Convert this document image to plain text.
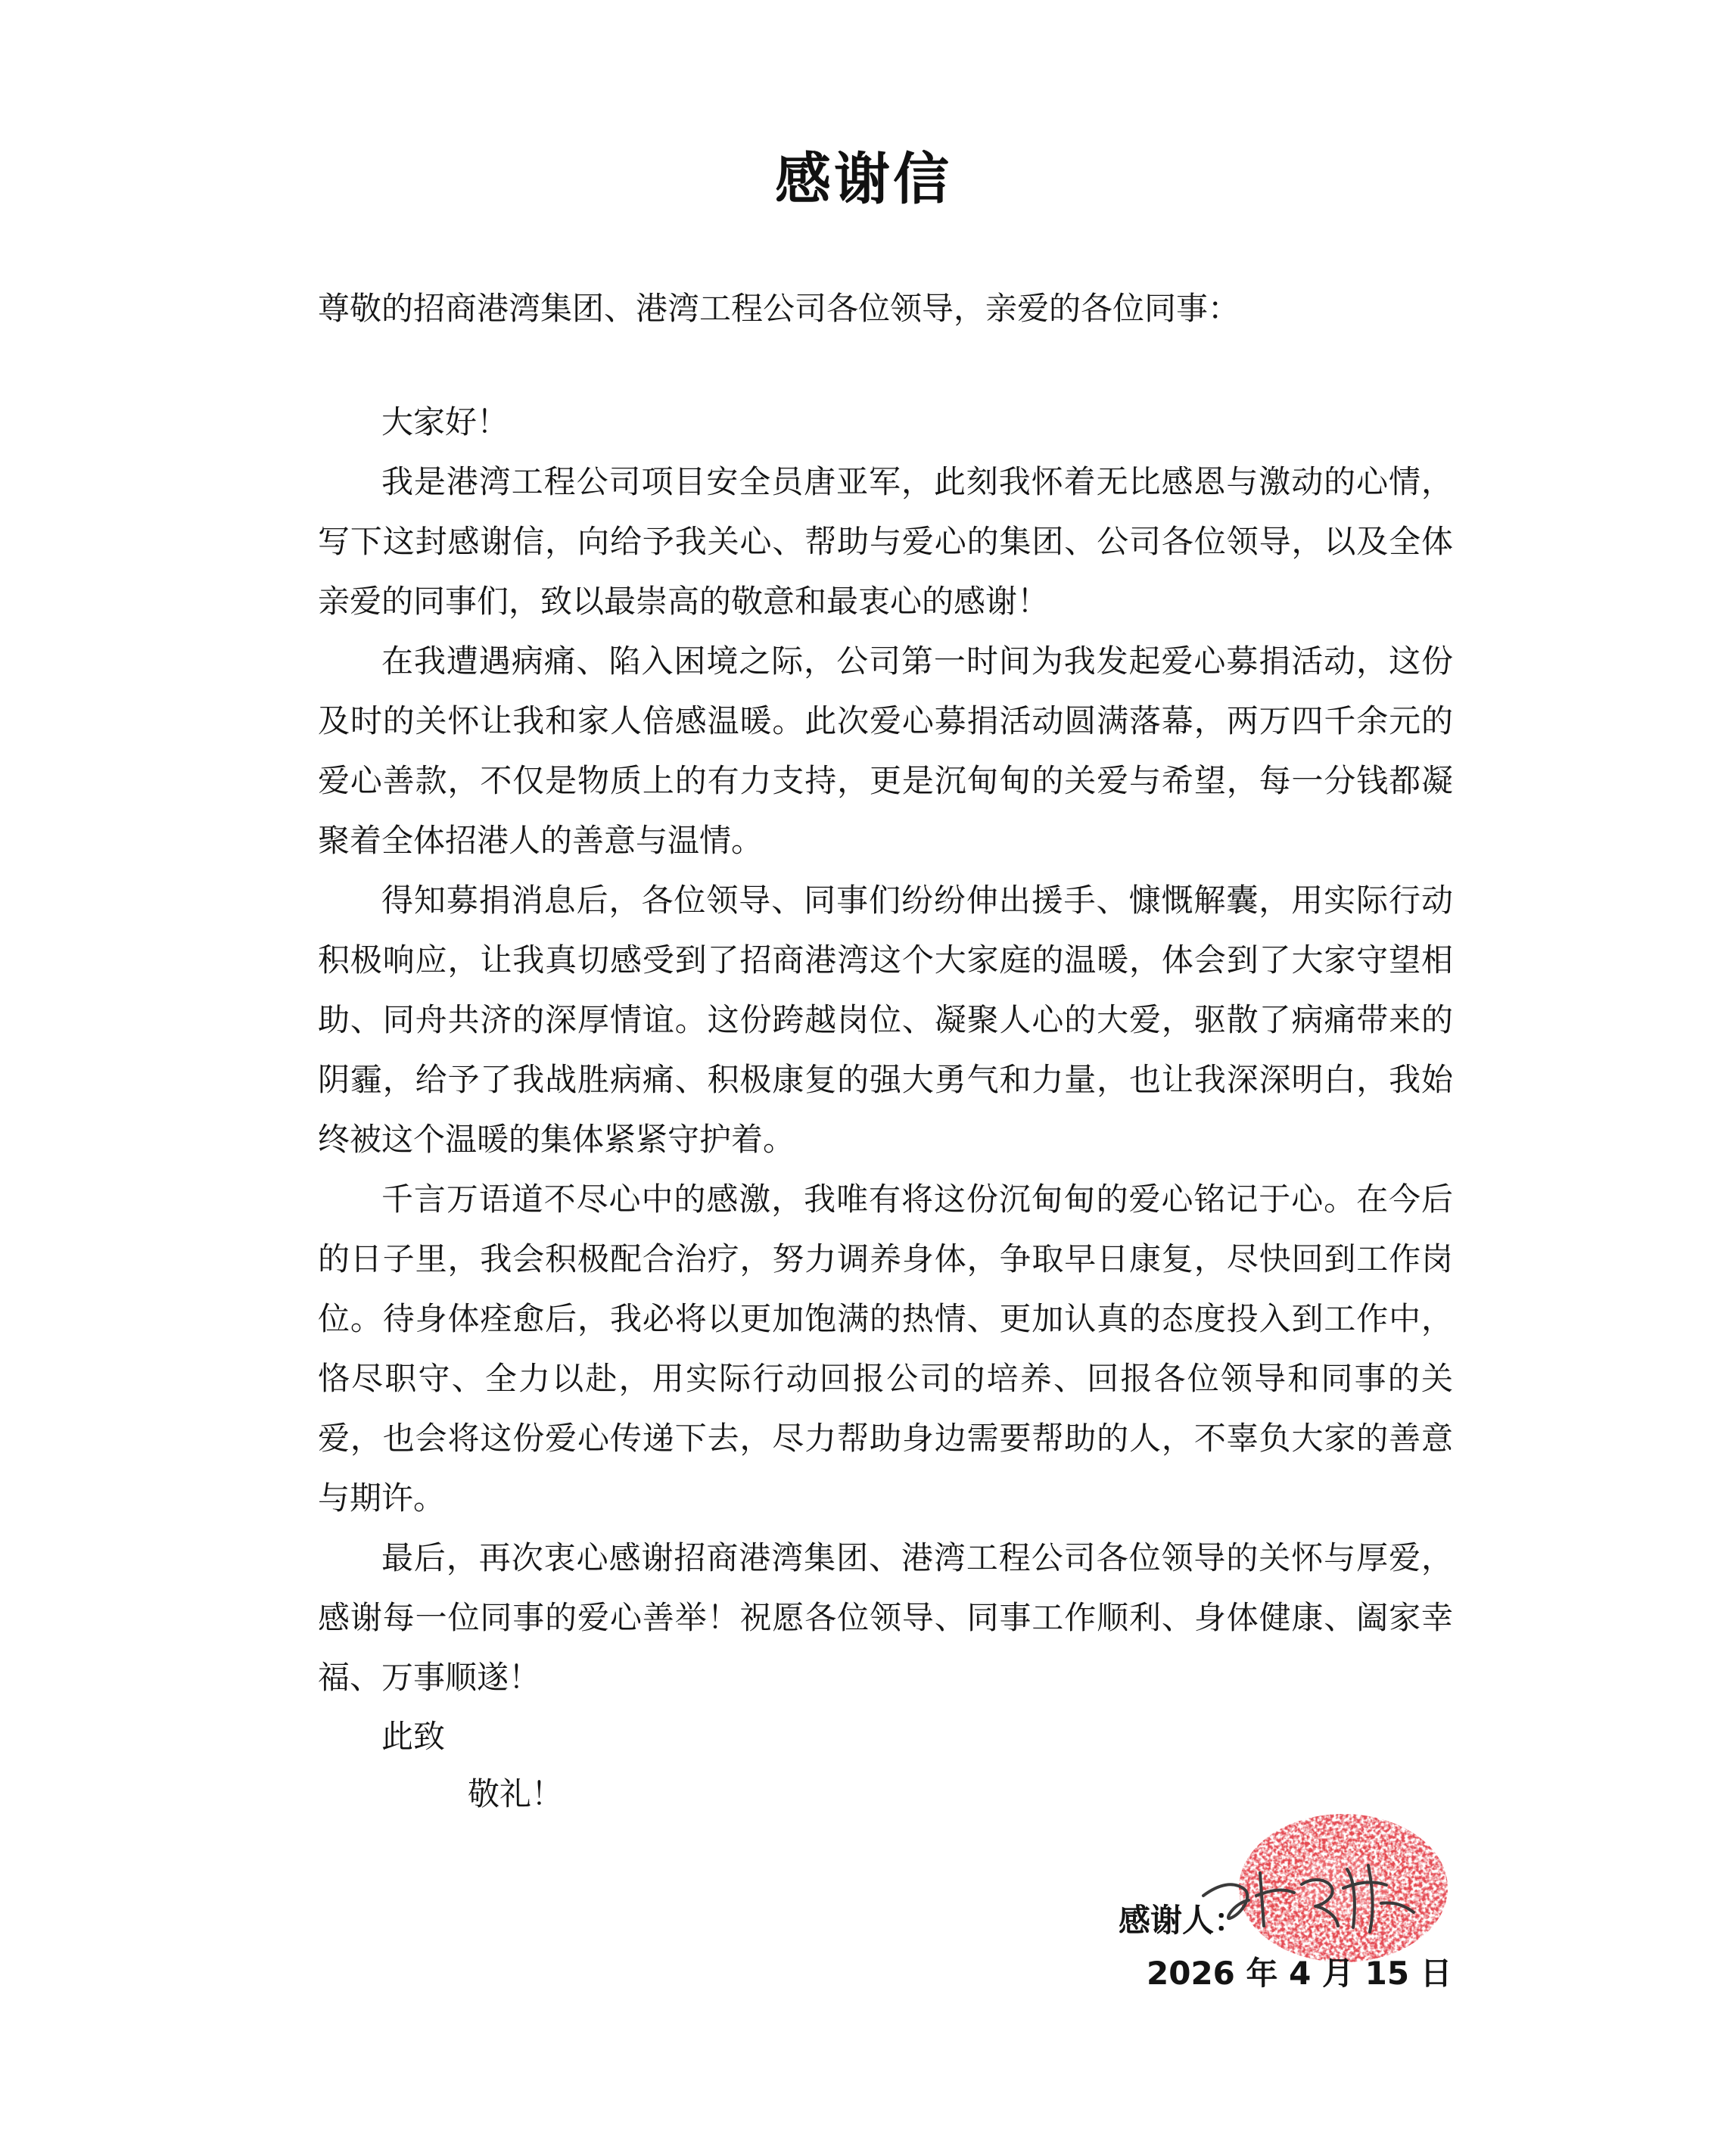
感谢信
尊敬的招商港湾集团、港湾工程公司各位领导，亲爱的各位同事：

大家好！

我是港湾工程公司项目安全员唐亚军，此刻我怀着无比感恩与激动的心情，写下这封感谢信，向给予我关心、帮助与爱心的集团、公司各位领导，以及全体亲爱的同事们，致以最崇高的敬意和最衷心的感谢！

在我遭遇病痛、陷入困境之际，公司第一时间为我发起爱心募捐活动，这份及时的关怀让我和家人倍感温暖。此次爱心募捐活动圆满落幕，两万四千余元的爱心善款，不仅是物质上的有力支持，更是沉甸甸的关爱与希望，每一分钱都凝聚着全体招港人的善意与温情。

得知募捐消息后，各位领导、同事们纷纷伸出援手、慷慨解囊，用实际行动积极响应，让我真切感受到了招商港湾这个大家庭的温暖，体会到了大家守望相助、同舟共济的深厚情谊。这份跨越岗位、凝聚人心的大爱，驱散了病痛带来的阴霾，给予了我战胜病痛、积极康复的强大勇气和力量，也让我深深明白，我始终被这个温暖的集体紧紧守护着。

千言万语道不尽心中的感激，我唯有将这份沉甸甸的爱心铭记于心。在今后的日子里，我会积极配合治疗，努力调养身体，争取早日康复，尽快回到工作岗位。待身体痊愈后，我必将以更加饱满的热情、更加认真的态度投入到工作中，恪尽职守、全力以赴，用实际行动回报公司的培养、回报各位领导和同事的关爱，也会将这份爱心传递下去，尽力帮助身边需要帮助的人，不辜负大家的善意与期许。

最后，再次衷心感谢招商港湾集团、港湾工程公司各位领导的关怀与厚爱，感谢每一位同事的爱心善举！祝愿各位领导、同事工作顺利、身体健康、阖家幸福、万事顺遂！

此致
敬礼！
感谢人：
2026 年 4 月 15 日
